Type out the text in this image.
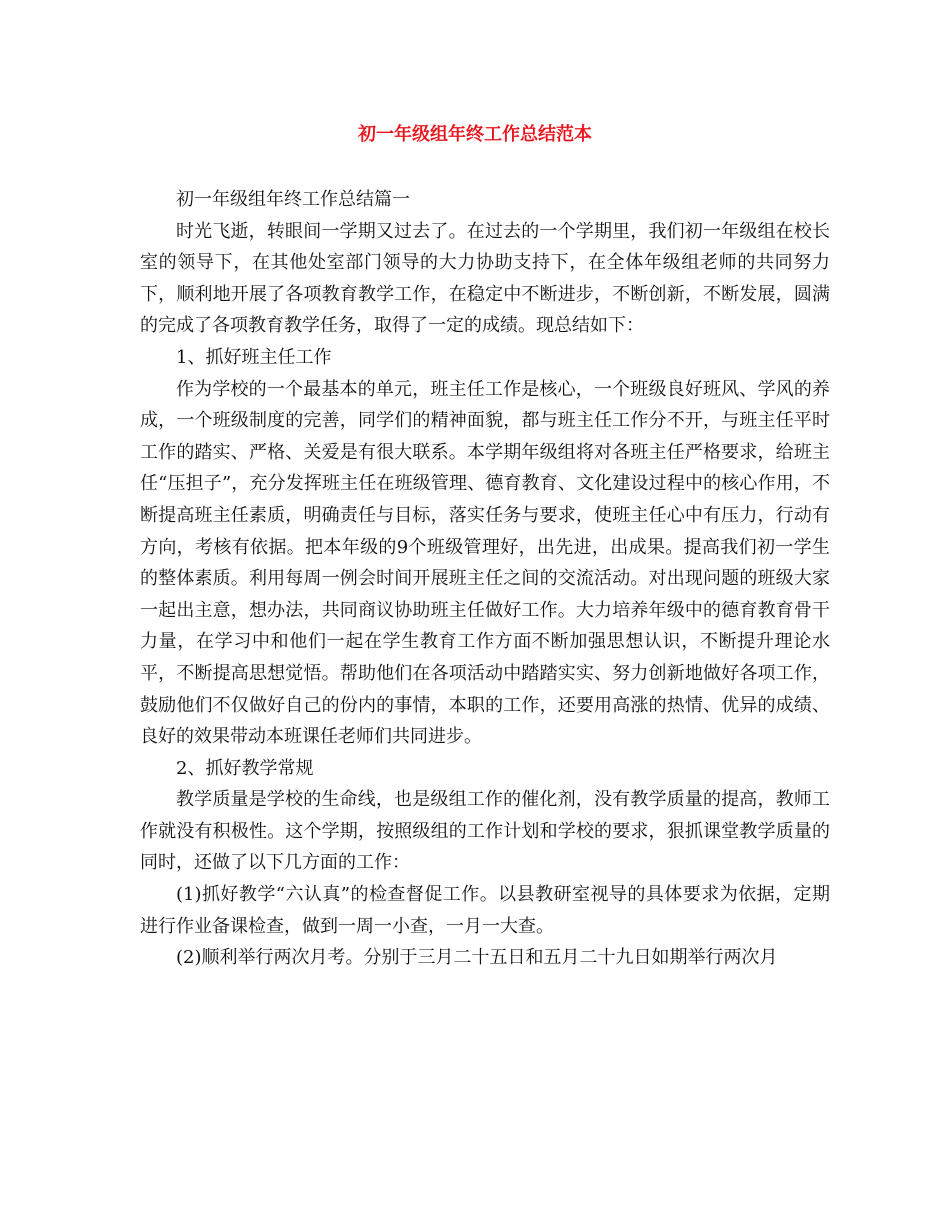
初一年级组年终工作总结范本

初一年级组年终工作总结篇一

时光飞逝，转眼间一学期又过去了。在过去的一个学期里，我们初一年级组在校长室的领导下，在其他处室部门领导的大力协助支持下，在全体年级组老师的共同努力下，顺利地开展了各项教育教学工作，在稳定中不断进步，不断创新，不断发展，圆满的完成了各项教育教学任务，取得了一定的成绩。现总结如下：

1、抓好班主任工作

作为学校的一个最基本的单元，班主任工作是核心，一个班级良好班风、学风的养成，一个班级制度的完善，同学们的精神面貌，都与班主任工作分不开，与班主任平时工作的踏实、严格、关爱是有很大联系。本学期年级组将对各班主任严格要求，给班主任“压担子”，充分发挥班主任在班级管理、德育教育、文化建设过程中的核心作用，不断提高班主任素质，明确责任与目标，落实任务与要求，使班主任心中有压力，行动有方向，考核有依据。把本年级的9个班级管理好，出先进，出成果。提高我们初一学生的整体素质。利用每周一例会时间开展班主任之间的交流活动。对出现问题的班级大家一起出主意，想办法，共同商议协助班主任做好工作。大力培养年级中的德育教育骨干力量，在学习中和他们一起在学生教育工作方面不断加强思想认识，不断提升理论水平，不断提高思想觉悟。帮助他们在各项活动中踏踏实实、努力创新地做好各项工作，鼓励他们不仅做好自己的份内的事情，本职的工作，还要用高涨的热情、优异的成绩、良好的效果带动本班课任老师们共同进步。

2、抓好教学常规

教学质量是学校的生命线，也是级组工作的催化剂，没有教学质量的提高，教师工作就没有积极性。这个学期，按照级组的工作计划和学校的要求，狠抓课堂教学质量的同时，还做了以下几方面的工作：

(1)抓好教学“六认真”的检查督促工作。以县教研室视导的具体要求为依据，定期进行作业备课检查，做到一周一小查，一月一大查。

(2)顺利举行两次月考。分别于三月二十五日和五月二十九日如期举行两次月
